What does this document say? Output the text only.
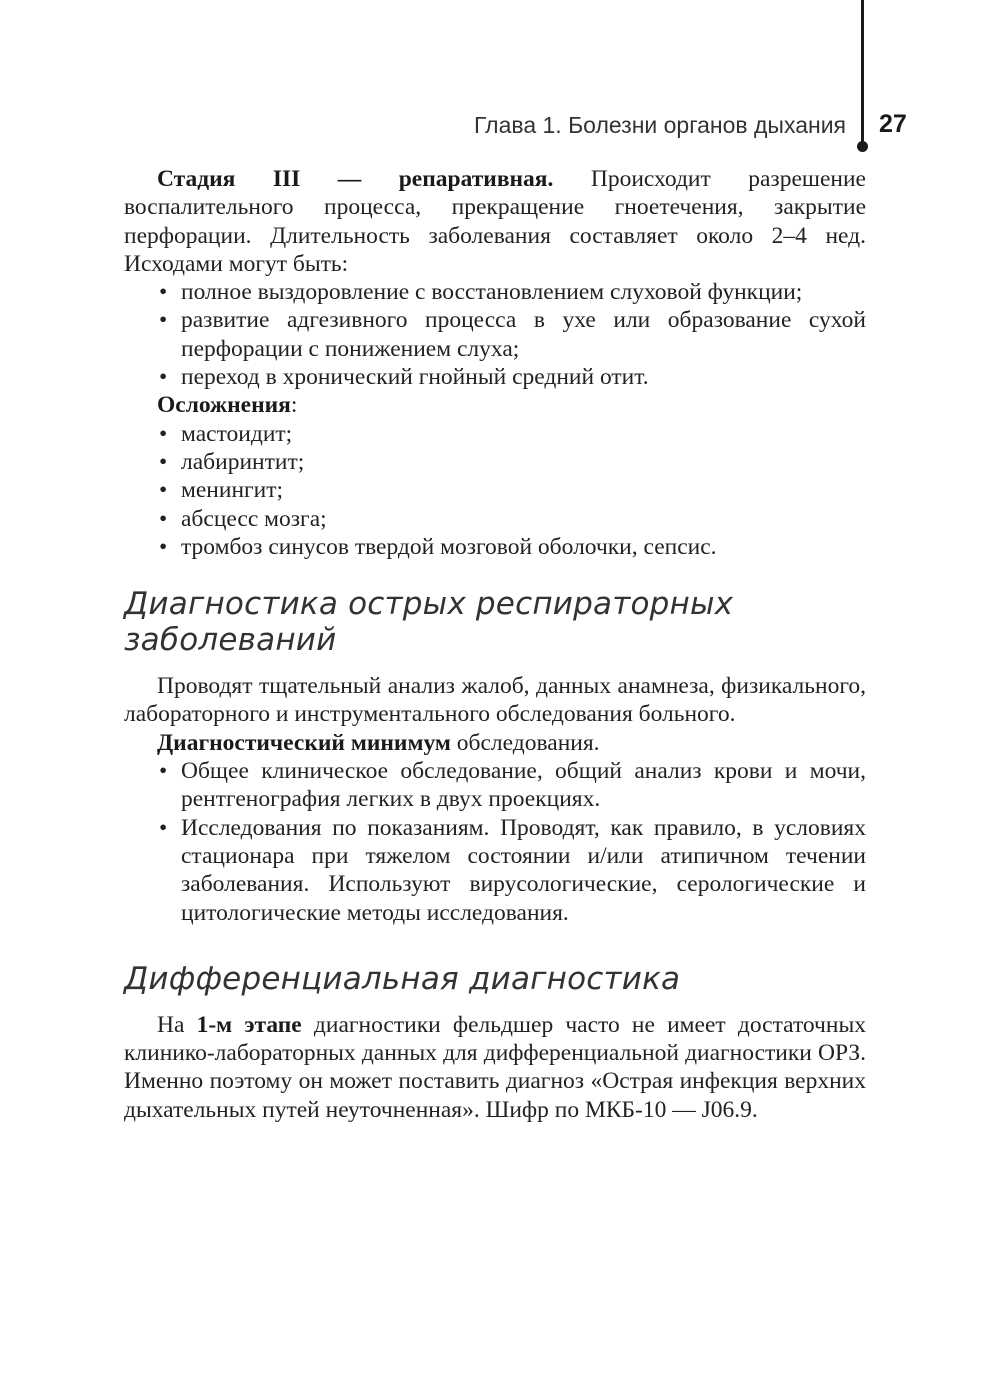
Глава 1. Болезни органов дыхания 27

Стадия III — репаративная. Происходит разрешение воспалительного процесса, прекращение гноетечения, закрытие перфорации. Длительность заболевания составляет около 2–4 нед. Исходами могут быть:

• полное выздоровление с восстановлением слуховой функции;
• развитие адгезивного процесса в ухе или образование сухой перфорации с понижением слуха;
• переход в хронический гнойный средний отит.

Осложнения:

• мастоидит;
• лабиринтит;
• менингит;
• абсцесс мозга;
• тромбоз синусов твердой мозговой оболочки, сепсис.
Диагностика острых респираторных заболеваний

Проводят тщательный анализ жалоб, данных анамнеза, физикального, лабораторного и инструментального обследования больного.

Диагностический минимум обследования.

• Общее клиническое обследование, общий анализ крови и мочи, рентгенография легких в двух проекциях.
• Исследования по показаниям. Проводят, как правило, в условиях стационара при тяжелом состоянии и/или атипичном течении заболевания. Используют вирусологические, серологические и цитологические методы исследования.
Дифференциальная диагностика

На 1-м этапе диагностики фельдшер часто не имеет достаточных клинико-лабораторных данных для дифференциальной диагностики ОРЗ. Именно поэтому он может поставить диагноз «Острая инфекция верхних дыхательных путей неуточненная». Шифр по МКБ-10 — J06.9.
